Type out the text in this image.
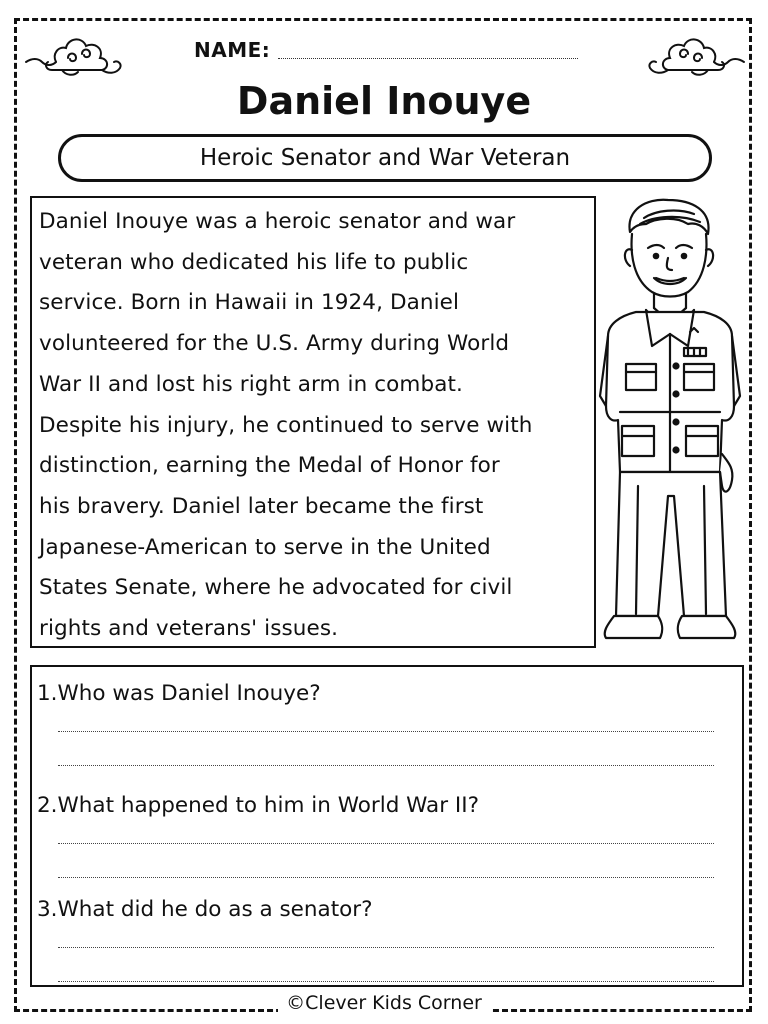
NAME:
Daniel Inouye
Heroic Senator and War Veteran

Daniel Inouye was a heroic senator and war
veteran who dedicated his life to public
service. Born in Hawaii in 1924, Daniel
volunteered for the U.S. Army during World
War II and lost his right arm in combat.
Despite his injury, he continued to serve with
distinction, earning the Medal of Honor for
his bravery. Daniel later became the first
Japanese-American to serve in the United
States Senate, where he advocated for civil
rights and veterans' issues.

1.Who was Daniel Inouye?
2.What happened to him in World War II?
3.What did he do as a senator?
©Clever Kids Corner
